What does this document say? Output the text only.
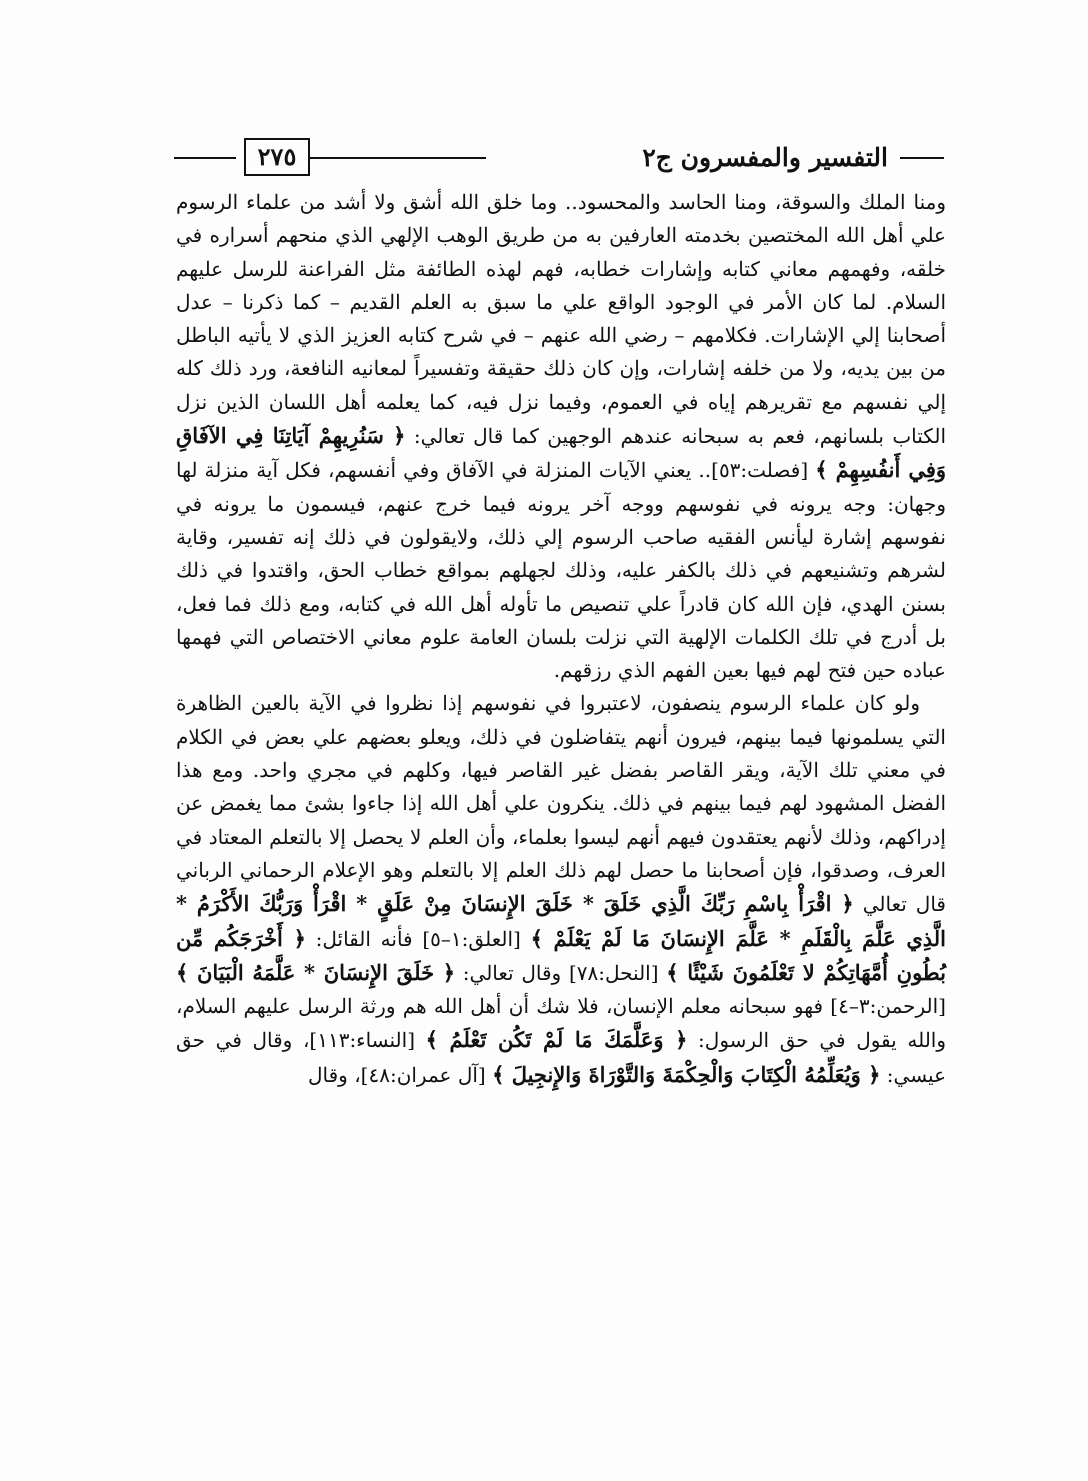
التفسير والمفسرون ج٢
٢٧٥

ومنا الملك والسوقة، ومنا الحاسد والمحسود.. وما خلق الله أشق ولا أشد من علماء الرسوم علي أهل الله المختصين بخدمته العارفين به من طريق الوهب الإلهي الذي منحهم أسراره في خلقه، وفهمهم معاني كتابه وإشارات خطابه، فهم لهذه الطائفة مثل الفراعنة للرسل عليهم السلام. لما كان الأمر في الوجود الواقع علي ما سبق به العلم القديم – كما ذكرنا – عدل أصحابنا إلي الإشارات. فكلامهم – رضي الله عنهم – في شرح كتابه العزيز الذي لا يأتيه الباطل من بين يديه، ولا من خلفه إشارات، وإن كان ذلك حقيقة وتفسيراً لمعانيه النافعة، ورد ذلك كله إلي نفسهم مع تقريرهم إياه في العموم، وفيما نزل فيه، كما يعلمه أهل اللسان الذين نزل الكتاب بلسانهم، فعم به سبحانه عندهم الوجهين كما قال تعالي: ﴿ سَنُرِيهِمْ آيَاتِنَا فِي الآفَاقِ وَفِي أَنفُسِهِمْ ﴾ [فصلت:٥٣].. يعني الآيات المنزلة في الآفاق وفي أنفسهم، فكل آية منزلة لها وجهان: وجه يرونه في نفوسهم ووجه آخر يرونه فيما خرج عنهم، فيسمون ما يرونه في نفوسهم إشارة ليأنس الفقيه صاحب الرسوم إلي ذلك، ولايقولون في ذلك إنه تفسير، وقاية لشرهم وتشنيعهم في ذلك بالكفر عليه، وذلك لجهلهم بمواقع خطاب الحق، واقتدوا في ذلك بسنن الهدي، فإن الله كان قادراً علي تنصيص ما تأوله أهل الله في كتابه، ومع ذلك فما فعل، بل أدرج في تلك الكلمات الإلهية التي نزلت بلسان العامة علوم معاني الاختصاص التي فهمها عباده حين فتح لهم فيها بعين الفهم الذي رزقهم.

ولو كان علماء الرسوم ينصفون، لاعتبروا في نفوسهم إذا نظروا في الآية بالعين الظاهرة التي يسلمونها فيما بينهم، فيرون أنهم يتفاضلون في ذلك، ويعلو بعضهم علي بعض في الكلام في معني تلك الآية، ويقر القاصر بفضل غير القاصر فيها، وكلهم في مجري واحد. ومع هذا الفضل المشهود لهم فيما بينهم في ذلك. ينكرون علي أهل الله إذا جاءوا بشئ مما يغمض عن إدراكهم، وذلك لأنهم يعتقدون فيهم أنهم ليسوا بعلماء، وأن العلم لا يحصل إلا بالتعلم المعتاد في العرف، وصدقوا، فإن أصحابنا ما حصل لهم ذلك العلم إلا بالتعلم وهو الإعلام الرحماني الرباني قال تعالي ﴿ اقْرَأْ بِاسْمِ رَبِّكَ الَّذِي خَلَقَ * خَلَقَ الإِنسَانَ مِنْ عَلَقٍ * اقْرَأْ وَرَبُّكَ الأَكْرَمُ * الَّذِي عَلَّمَ بِالْقَلَمِ * عَلَّمَ الإِنسَانَ مَا لَمْ يَعْلَمْ ﴾ [العلق:١–٥] فأنه القائل: ﴿ أَخْرَجَكُم مِّن بُطُونِ أُمَّهَاتِكُمْ لا تَعْلَمُونَ شَيْئًا ﴾ [النحل:٧٨] وقال تعالي: ﴿ خَلَقَ الإِنسَانَ * عَلَّمَهُ الْبَيَانَ ﴾ [الرحمن:٣–٤] فهو سبحانه معلم الإنسان، فلا شك أن أهل الله هم ورثة الرسل عليهم السلام، والله يقول في حق الرسول: ﴿ وَعَلَّمَكَ مَا لَمْ تَكُن تَعْلَمُ ﴾ [النساء:١١٣]، وقال في حق عيسي: ﴿ وَيُعَلِّمُهُ الْكِتَابَ وَالْحِكْمَةَ وَالتَّوْرَاةَ وَالإِنجِيلَ ﴾ [آل عمران:٤٨]، وقال
